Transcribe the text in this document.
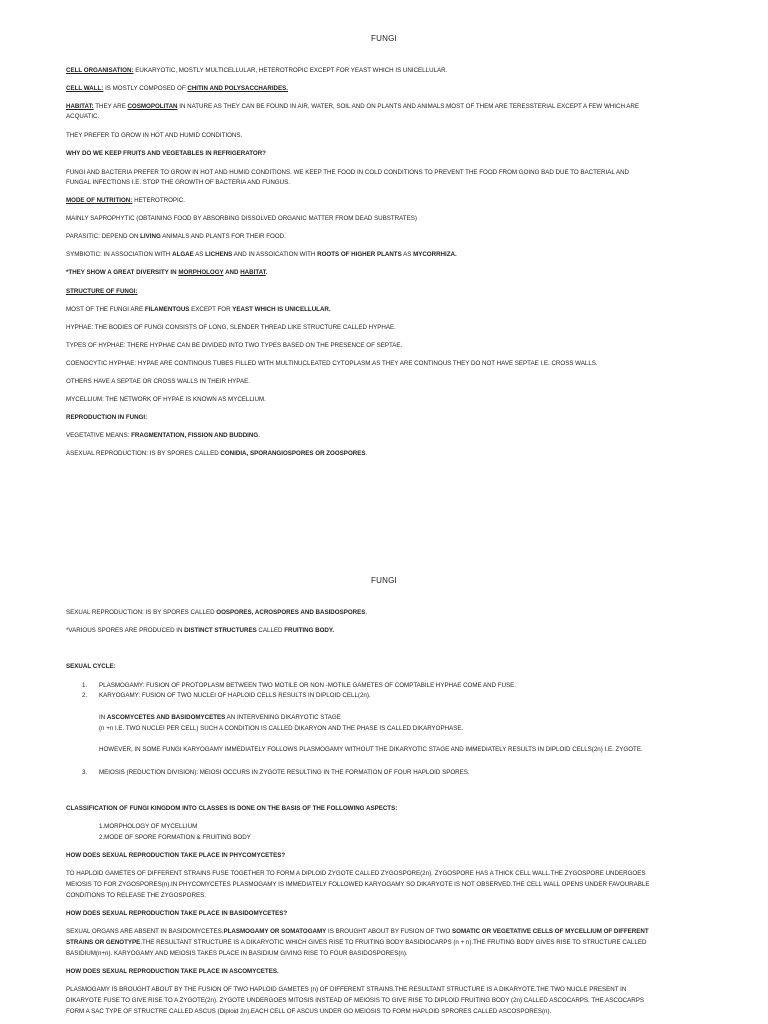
FUNGI
CELL ORGANISATION: EUKARYOTIC, MOSTLY MULTICELLULAR, HETEROTROPIC EXCEPT FOR YEAST WHICH IS UNICELLULAR.
CELL WALL: IS MOSTLY COMPOSED OF CHITIN AND POLYSACCHARIDES.
HABITAT: THEY ARE COSMOPOLITAN IN NATURE AS THEY CAN BE FOUND IN AIR, WATER, SOIL AND ON PLANTS AND ANIMALS.MOST OF THEM ARE TERESSTERIAL EXCEPT A FEW WHICH ARE
ACQUATIC.
THEY PREFER TO GROW IN HOT AND HUMID CONDITIONS.
WHY DO WE KEEP FRUITS AND VEGETABLES IN REFRIGERATOR?
FUNGI AND BACTERIA PREFER TO GROW IN HOT AND HUMID CONDITIONS. WE KEEP THE FOOD IN COLD CONDITIONS TO PREVENT THE FOOD FROM GOING BAD DUE TO BACTERIAL AND
FUNGAL INFECTIONS I.E. STOP THE GROWTH OF BACTERIA AND FUNGUS.
MODE OF NUTRITION: HETEROTROPIC.
MAINLY SAPROPHYTIC (OBTAINING FOOD BY ABSORBING DISSOLVED ORGANIC MATTER FROM DEAD SUBSTRATES)
PARASITIC: DEPEND ON LIVING ANIMALS AND PLANTS FOR THEIR FOOD.
SYMBIOTIC: IN ASSOCIATION WITH ALGAE AS LICHENS AND IN ASSOICATION WITH ROOTS OF HIGHER PLANTS AS MYCORRHIZA.
*THEY SHOW A GREAT DIVERSITY IN MORPHOLOGY AND HABITAT.
STRUCTURE OF FUNGI:
MOST OF THE FUNGI ARE FILAMENTOUS EXCEPT FOR YEAST WHICH IS UNICELLULAR.
HYPHAE: THE BODIES OF FUNGI CONSISTS OF LONG, SLENDER THREAD LIKE STRUCTURE CALLED HYPHAE.
TYPES OF HYPHAE: THERE HYPHAE CAN BE DIVIDED INTO TWO TYPES BASED ON THE PRESENCE OF SEPTAE.
COENOCYTIC HYPHAE: HYPAE ARE CONTINOUS TUBES FILLED WITH MULTINUCLEATED CYTOPLASM.AS THEY ARE CONTINOUS THEY DO NOT HAVE SEPTAE I.E. CROSS WALLS.
OTHERS HAVE A SEPTAE OR CROSS WALLS IN THEIR HYPAE.
MYCELLIUM: THE NETWORK OF HYPAE IS KNOWN AS MYCELLIUM.
REPRODUCTION IN FUNGI:
VEGETATIVE MEANS: FRAGMENTATION, FISSION AND BUDDING.
ASEXUAL REPRODUCTION: IS BY SPORES CALLED CONIDIA, SPORANGIOSPORES OR ZOOSPORES.
FUNGI
SEXUAL REPRODUCTION: IS BY SPORES CALLED OOSPORES, ACROSPORES AND BASIDOSPORES.
*VARIOUS SPORES ARE PRODUCED IN DISTINCT STRUCTURES CALLED FRUITING BODY.
SEXUAL CYCLE:
1. PLASMOGAMY: FUSION OF PROTOPLASM BETWEEN TWO MOTILE OR NON -MOTILE GAMETES OF COMPTABILE HYPHAE COME AND FUSE.
2. KARYOGAMY: FUSION OF TWO NUCLEI OF HAPLOID CELLS RESULTS IN DIPLOID CELL(2n).
IN ASCOMYCETES AND BASIDOMYCETES AN INTERVENING DIKARYOTIC STAGE
(n +n I.E. TWO NUCLEI PER CELL) SUCH A CONDITION IS CALLED DIKARYON AND THE PHASE IS CALLED DIKARYOPHASE.
HOWEVER, IN SOME FUNGI KARYOGAMY IMMEDIATELY FOLLOWS PLASMOGAMY WITHOUT THE DIKARYOTIC STAGE AND IMMEDIATELY RESULTS IN DIPLOID CELLS(2n) I.E. ZYGOTE.
3. MEIOSIS (REDUCTION DIVISION): MEIOSI OCCURS IN ZYGOTE RESULTING IN THE FORMATION OF FOUR HAPLOID SPORES.
CLASSIFICATION OF FUNGI KINGDOM INTO CLASSES IS DONE ON THE BASIS OF THE FOLLOWING ASPECTS:
1.MORPHOLOGY OF MYCELLIUM
2.MODE OF SPORE FORMATION & FRUITING BODY
HOW DOES SEXUAL REPRODUCTION TAKE PLACE IN PHYCOMYCETES?
TO HAPLOID GAMETES OF DIFFERENT STRAINS FUSE TOGETHER TO FORM A DIPLOID ZYGOTE CALLED ZYGOSPORE(2n). ZYGOSPORE HAS A THICK CELL WALL.THE ZYGOSPORE UNDERGOES
MEIOSIS TO FOR ZYGOSPORES(n).IN PHYCOMYCETES PLASMOGAMY IS IMMEDIATELY FOLLOWED KARYOGAMY SO DIKARYOTE IS NOT OBSERVED.THE CELL WALL OPENS UNDER FAVOURABLE
CONDITIONS TO RELEASE THE ZYGOSPORES.
HOW DOES SEXUAL REPRODUCTION TAKE PLACE IN BASIDOMYCETES?
SEXUAL ORGANS ARE ABSENT IN BASIDOMYCETES.PLASMOGAMY OR SOMATOGAMY IS BROUGHT ABOUT BY FUSION OF TWO SOMATIC OR VEGETATIVE CELLS OF MYCELLIUM OF DIFFERENT
STRAINS OR GENOTYPE.THE RESULTANT STRUCTURE IS A DIKARYOTIC WHICH GIVES RISE TO FRUITING BODY BASIDIOCARPS (n + n).THE FRUTING BODY GIVES RISE TO STRUCTURE CALLED
BASIDIUM(n+n). KARYOGAMY AND MEIOSIS TAKES PLACE IN BASIDIUM GIVING RISE TO FOUR BASIDOSPORES(n).
HOW DOES SEXUAL REPRODUCTION TAKE PLACE IN ASCOMYCETES.
PLASMOGAMY IS BROUGHT ABOUT BY THE FUSION OF TWO HAPLOID GAMETES (n) OF DIFFERENT STRAINS.THE RESULTANT STRUCTURE IS A DIKARYOTE.THE TWO NUCLE PRESENT IN
DIKARYOTE FUSE TO GIVE RISE TO A ZYGOTE(2n). ZYGOTE UNDERGOES MITOSIS INSTEAD OF MEIOSIS TO GIVE RISE TO DIPLOID FRUITING BODY (2n) CALLED ASCOCARPS. THE ASCOCARPS
FORM A SAC TYPE OF STRUCTRE CALLED ASCUS (Diploid 2n).EACH CELL OF ASCUS UNDER GO MEIOSIS TO FORM HAPLOID SPRORES CALLED ASCOSPORES(n).
